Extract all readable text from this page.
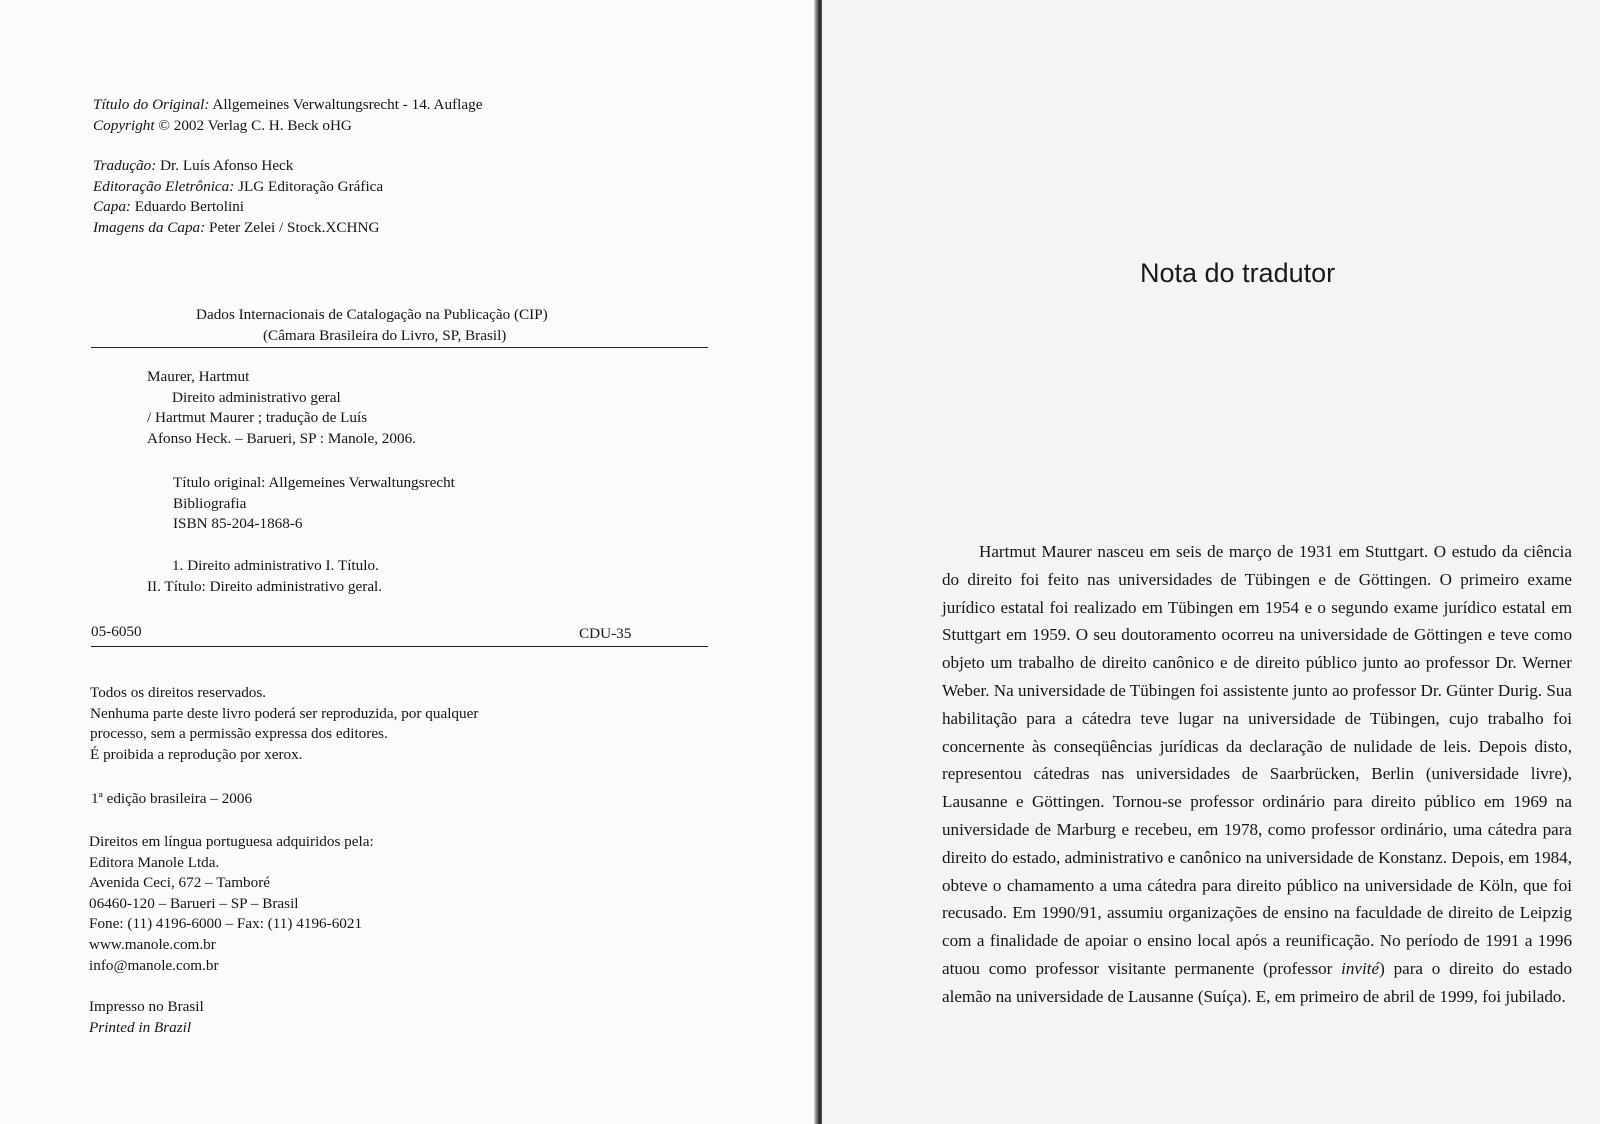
Título do Original: Allgemeines Verwaltungsrecht - 14. Auflage
Copyright © 2002 Verlag C. H. Beck oHG
Tradução: Dr. Luís Afonso Heck
Editoração Eletrônica: JLG Editoração Gráfica
Capa: Eduardo Bertolini
Imagens da Capa: Peter Zelei / Stock.XCHNG
Dados Internacionais de Catalogação na Publicação (CIP)
(Câmara Brasileira do Livro, SP, Brasil)
Maurer, Hartmut
Direito administrativo geral
/ Hartmut Maurer ; tradução de Luís
Afonso Heck. – Barueri, SP : Manole, 2006.
Título original: Allgemeines Verwaltungsrecht
Bibliografia
ISBN 85-204-1868-6
1. Direito administrativo I. Título.
II. Título: Direito administrativo geral.
05-6050	CDU-35
Todos os direitos reservados.
Nenhuma parte deste livro poderá ser reproduzida, por qualquer
processo, sem a permissão expressa dos editores.
É proibida a reprodução por xerox.
1ª edição brasileira – 2006
Direitos em língua portuguesa adquiridos pela:
Editora Manole Ltda.
Avenida Ceci, 672 – Tamboré
06460-120 – Barueri – SP – Brasil
Fone: (11) 4196-6000 – Fax: (11) 4196-6021
www.manole.com.br
info@manole.com.br
Impresso no Brasil
Printed in Brazil
Nota do tradutor

Hartmut Maurer nasceu em seis de março de 1931 em Stuttgart. O estudo da ciência do direito foi feito nas universidades de Tübingen e de Göttingen. O primeiro exame jurídico estatal foi realizado em Tübingen em 1954 e o segundo exame jurídico estatal em Stuttgart em 1959. O seu doutoramento ocorreu na universidade de Göttingen e teve como objeto um trabalho de direito canônico e de direito público junto ao professor Dr. Werner Weber. Na universidade de Tübingen foi assistente junto ao professor Dr. Günter Durig. Sua habilitação para a cátedra teve lugar na universidade de Tübingen, cujo trabalho foi concernente às conseqüências jurídicas da declaração de nulidade de leis. Depois disto, representou cátedras nas universidades de Saarbrücken, Berlin (universidade livre), Lausanne e Göttingen. Tornou-se professor ordinário para direito público em 1969 na universidade de Marburg e recebeu, em 1978, como professor ordinário, uma cátedra para direito do estado, administrativo e canônico na universidade de Konstanz. Depois, em 1984, obteve o chamamento a uma cátedra para direito público na universidade de Köln, que foi recusado. Em 1990/91, assumiu organizações de ensino na faculdade de direito de Leipzig com a finalidade de apoiar o ensino local após a reunificação. No período de 1991 a 1996 atuou como professor visitante permanente (professor invité) para o direito do estado alemão na universidade de Lausanne (Suíça). E, em primeiro de abril de 1999, foi jubilado.
